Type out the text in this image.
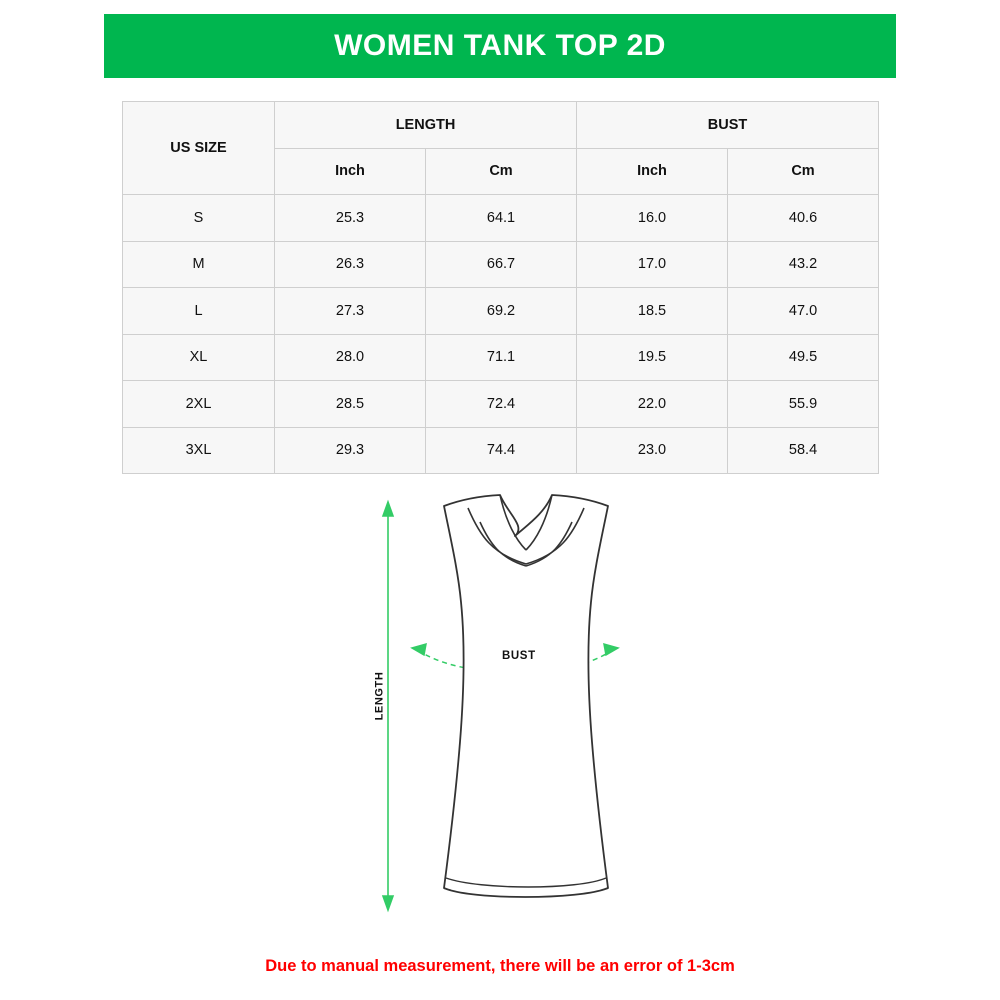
WOMEN TANK TOP 2D
US SIZE	LENGTH		BUST	
	Inch	Cm	Inch	Cm
S	25.3	64.1	16.0	40.6
M	26.3	66.7	17.0	43.2
L	27.3	69.2	18.5	47.0
XL	28.0	71.1	19.5	49.5
2XL	28.5	72.4	22.0	55.9
3XL	29.3	74.4	23.0	58.4
LENGTH
BUST
Due to manual measurement, there will be an error of 1-3cm
